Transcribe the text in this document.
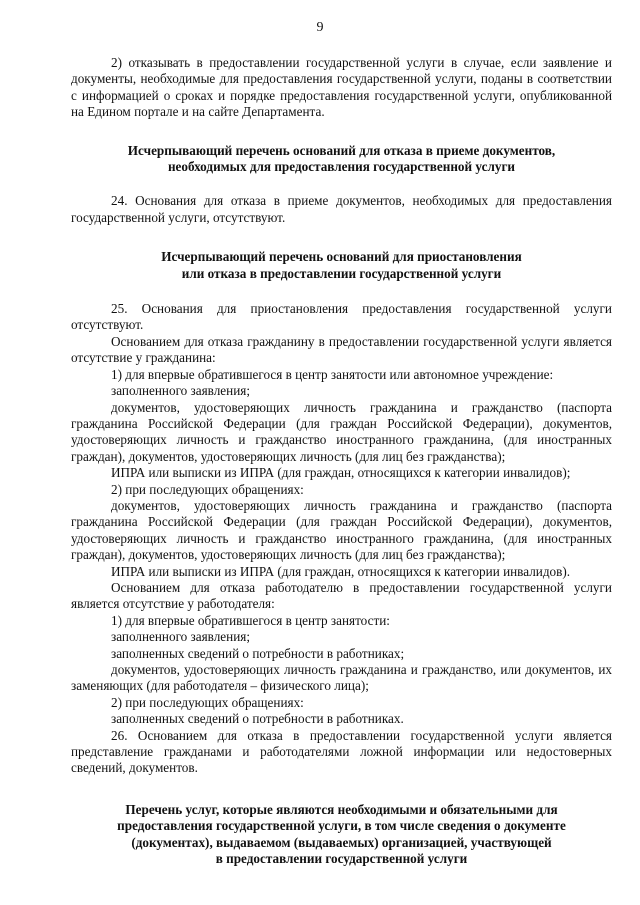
9

2) отказывать в предоставлении государственной услуги в случае, если заявление и документы, необходимые для предоставления государственной услуги, поданы в соответствии с информацией о сроках и порядке предоставления государственной услуги, опубликованной на Едином портале и на сайте Департамента.

Исчерпывающий перечень оснований для отказа в приеме документов,
необходимых для предоставления государственной услуги

24. Основания для отказа в приеме документов, необходимых для предоставления государственной услуги, отсутствуют.

Исчерпывающий перечень оснований для приостановления
или отказа в предоставлении государственной услуги

25. Основания для приостановления предоставления государственной услуги отсутствуют.

Основанием для отказа гражданину в предоставлении государственной услуги является отсутствие у гражданина:

1) для впервые обратившегося в центр занятости или автономное учреждение:

заполненного заявления;

документов, удостоверяющих личность гражданина и гражданство (паспорта гражданина Российской Федерации (для граждан Российской Федерации), документов, удостоверяющих личность и гражданство иностранного гражданина, (для иностранных граждан), документов, удостоверяющих личность (для лиц без гражданства);

ИПРА или выписки из ИПРА (для граждан, относящихся к категории инвалидов);

2) при последующих обращениях:

документов, удостоверяющих личность гражданина и гражданство (паспорта гражданина Российской Федерации (для граждан Российской Федерации), документов, удостоверяющих личность и гражданство иностранного гражданина, (для иностранных граждан), документов, удостоверяющих личность (для лиц без гражданства);

ИПРА или выписки из ИПРА (для граждан, относящихся к категории инвалидов).

Основанием для отказа работодателю в предоставлении государственной услуги является отсутствие у работодателя:

1) для впервые обратившегося в центр занятости:

заполненного заявления;

заполненных сведений о потребности в работниках;

документов, удостоверяющих личность гражданина и гражданство, или документов, их заменяющих (для работодателя – физического лица);

2) при последующих обращениях:

заполненных сведений о потребности в работниках.

26. Основанием для отказа в предоставлении государственной услуги является представление гражданами и работодателями ложной информации или недостоверных сведений, документов.

Перечень услуг, которые являются необходимыми и обязательными для
предоставления государственной услуги, в том числе сведения о документе
(документах), выдаваемом (выдаваемых) организацией, участвующей
в предоставлении государственной услуги
